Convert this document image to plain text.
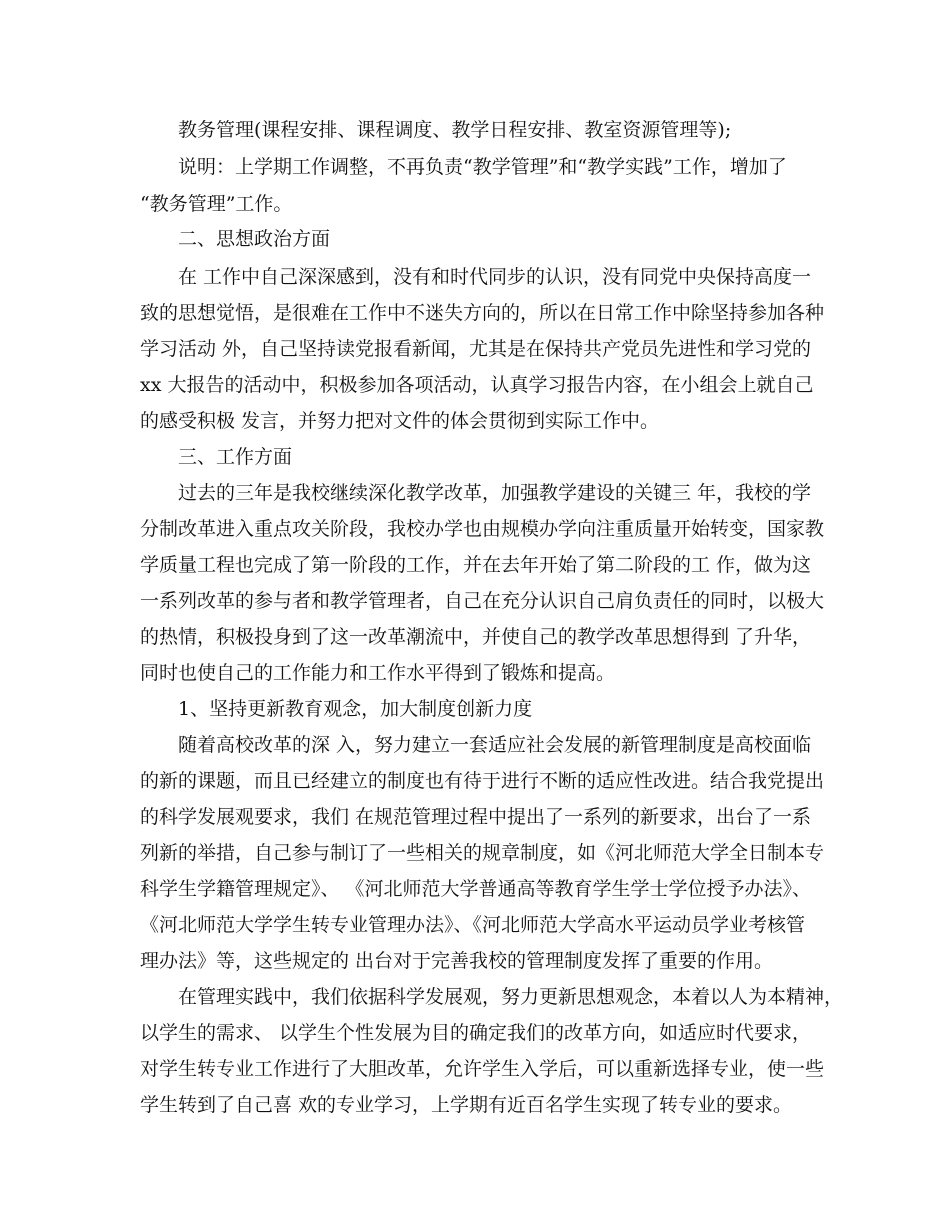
教务管理(课程安排、课程调度、教学日程安排、教室资源管理等);
说明：上学期工作调整，不再负责“教学管理”和“教学实践”工作，增加了
“教务管理”工作。
二、思想政治方面
在 工作中自己深深感到，没有和时代同步的认识，没有同党中央保持高度一
致的思想觉悟，是很难在工作中不迷失方向的，所以在日常工作中除坚持参加各种
学习活动 外，自己坚持读党报看新闻，尤其是在保持共产党员先进性和学习党的
xx 大报告的活动中，积极参加各项活动，认真学习报告内容，在小组会上就自己
的感受积极 发言，并努力把对文件的体会贯彻到实际工作中。
三、工作方面
过去的三年是我校继续深化教学改革，加强教学建设的关键三 年，我校的学
分制改革进入重点攻关阶段，我校办学也由规模办学向注重质量开始转变，国家教
学质量工程也完成了第一阶段的工作，并在去年开始了第二阶段的工 作，做为这
一系列改革的参与者和教学管理者，自己在充分认识自己肩负责任的同时，以极大
的热情，积极投身到了这一改革潮流中，并使自己的教学改革思想得到 了升华，
同时也使自己的工作能力和工作水平得到了锻炼和提高。
1、坚持更新教育观念，加大制度创新力度
随着高校改革的深 入，努力建立一套适应社会发展的新管理制度是高校面临
的新的课题，而且已经建立的制度也有待于进行不断的适应性改进。结合我党提出
的科学发展观要求，我们 在规范管理过程中提出了一系列的新要求，出台了一系
列新的举措，自己参与制订了一些相关的规章制度，如《河北师范大学全日制本专
科学生学籍管理规定》、 《河北师范大学普通高等教育学生学士学位授予办法》、
《河北师范大学学生转专业管理办法》、《河北师范大学高水平运动员学业考核管
理办法》等，这些规定的 出台对于完善我校的管理制度发挥了重要的作用。
在管理实践中，我们依据科学发展观，努力更新思想观念，本着以人为本精神，
以学生的需求、 以学生个性发展为目的确定我们的改革方向，如适应时代要求，
对学生转专业工作进行了大胆改革，允许学生入学后，可以重新选择专业，使一些
学生转到了自己喜 欢的专业学习，上学期有近百名学生实现了转专业的要求。
